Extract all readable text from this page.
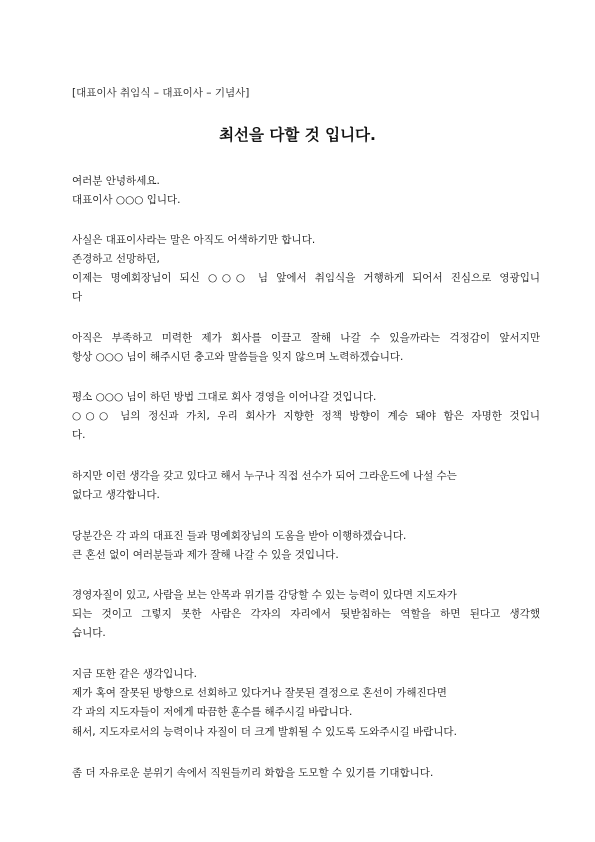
[대표이사 취임식 – 대표이사 – 기념사]
최선을 다할 것 입니다.
여러분 안녕하세요.
대표이사 ○○○ 입니다.
사실은 대표이사라는 말은 아직도 어색하기만 합니다.
존경하고 선망하던,
이제는 명예회장님이 되신 ○○○ 님 앞에서 취임식을 거행하게 되어서 진심으로 영광입니
다
아직은 부족하고 미력한 제가 회사를 이끌고 잘해 나갈 수 있을까라는 걱정감이 앞서지만
항상 ○○○ 님이 해주시던 충고와 말씀들을 잊지 않으며 노력하겠습니다.
평소 ○○○ 님이 하던 방법 그대로 회사 경영을 이어나갈 것입니다.
○○○ 님의 정신과 가치, 우리 회사가 지향한 정책 방향이 계승 돼야 함은 자명한 것입니
다.
하지만 이런 생각을 갖고 있다고 해서 누구나 직접 선수가 되어 그라운드에 나설 수는
없다고 생각합니다.
당분간은 각 과의 대표진 들과 명예회장님의 도움을 받아 이행하겠습니다.
큰 혼선 없이 여러분들과 제가 잘해 나갈 수 있을 것입니다.
경영자질이 있고, 사람을 보는 안목과 위기를 감당할 수 있는 능력이 있다면 지도자가
되는 것이고 그렇지 못한 사람은 각자의 자리에서 뒷받침하는 역할을 하면 된다고 생각했
습니다.
지금 또한 같은 생각입니다.
제가 혹여 잘못된 방향으로 선회하고 있다거나 잘못된 결정으로 혼선이 가해진다면
각 과의 지도자들이 저에게 따끔한 훈수를 해주시길 바랍니다.
해서, 지도자로서의 능력이나 자질이 더 크게 발휘될 수 있도록 도와주시길 바랍니다.
좀 더 자유로운 분위기 속에서 직원들끼리 화합을 도모할 수 있기를 기대합니다.
